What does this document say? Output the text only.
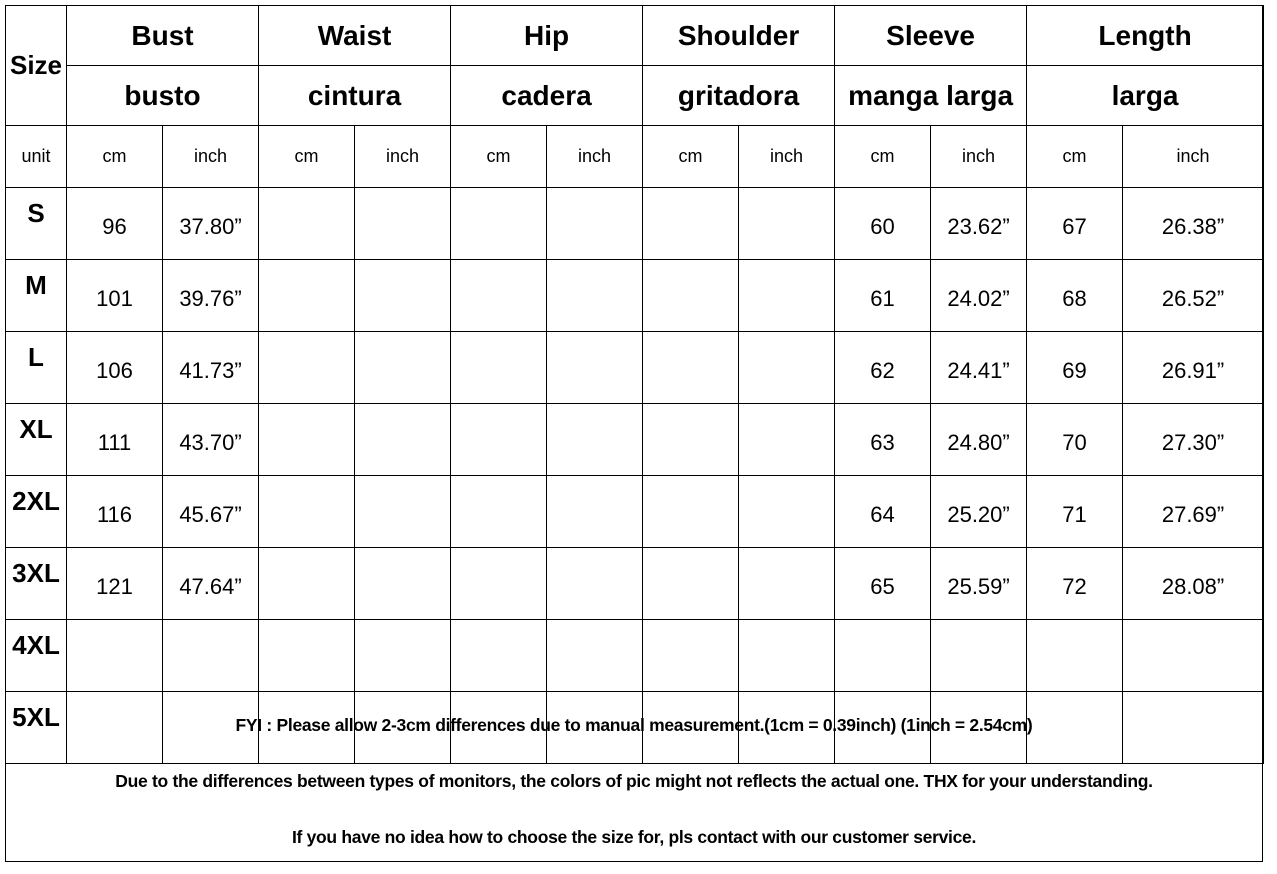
Size	Bust		Waist		Hip		Shoulder		Sleeve		Length	
	busto		cintura		cadera		gritadora		manga larga		larga	
unit	cm	inch	cm	inch	cm	inch	cm	inch	cm	inch	cm	inch
S	96	37.80”							60	23.62”	67	26.38”
M	101	39.76”							61	24.02”	68	26.52”
L	106	41.73”							62	24.41”	69	26.91”
XL	111	43.70”							63	24.80”	70	27.30”
2XL	116	45.67”							64	25.20”	71	27.69”
3XL	121	47.64”							65	25.59”	72	28.08”
4XL												
5XL													FYI : Please allow 2-3cm differences due to manual measurement.(1cm = 0.39inch) (1inch = 2.54cm)
Due to the differences between types of monitors, the colors of pic might not reflects the actual one. THX for your understanding.
If you have no idea how to choose the size for, pls contact with our customer service.
